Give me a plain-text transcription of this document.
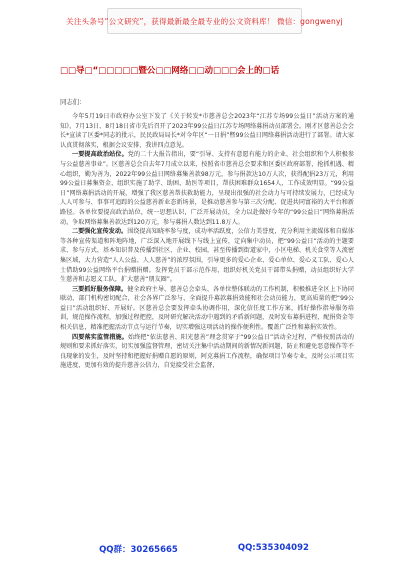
关注头条号“公文研究”，获得最新最全最专业的公文资料库！ 微信：gongwenyj
□□导□“□□□□□暨公□□网络□□动□□□会上的□话
同志们：

今年5月19日市政府办公室下发了《关于转发*市慈善总会2023年“江苏专场99公益日”活动方案的通知》，7月13日、8月18日省市先后召开了2023年99公益日江苏专场网络募捐动员部署会。刚才区慈善总会会长*宣读了区委*同志的批示，民民政局局长*对今年区“一日捐”暨99公益日网络募捐活动进行了部署。请大家认真贯彻落实，根据会议安排，我讲四点意见。

一要提高政治站位。党的二十大报告指出，要“引导、支持有意愿有能力的企业、社会组织和个人积极参与公益慈善事业”。区慈善总会自去年7月成立以来，按照省市慈善总会要求和区委区政府部署，抢抓机遇、精心组织，勤为善为，2022年99公益日网络募集善款98万元，参与捐款达10万人次，获得配捐23万元，利用99公益日募集资金，组织实施了助学、助困、助医等项目，帮扶困难群众1654人，工作成效明显。“99公益日”网络募捐活动的开展，增强了我区慈善帮扶救助能力，呈现出很强的社会动力与可持续发展力，已经成为人人可参与、事事可追踪的公益慈善新业态新场景，是推动慈善参与第三次分配、促进共同富裕的大平台和新路径。各单位要提高政治站位，统一思想认识，广泛开展动员，全力以赴做好今年的“99公益日”网络募捐活动，争取网络募集善款达到120万元，参与募捐人数达到11.8万人。

二要强化宣传发动。围绕提高知晓率参与度，成功率活跃度，公信力美誉度，充分利用主流媒体和自媒体等各种宣传渠道和阵地阵地，广泛深入地开展线下与线上宣传，定向集中动员，把“99公益日”活动的主题要求、参与方式、基本知识普及传播到社区、企业、校园，甚至传播到街道家中，小区电梯、机关食堂等人流密集区域，大力营造“人人公益、人人慈善”的浓厚氛围，引导更多的爱心企业、爱心单位、爱心义工队、爱心人士借助99公益网络平台捐赠捐赠。发挥党员干部示范作用，组织好机关党员干部带头捐赠，动员组织好大学生慈善和志愿义工队，扩大慈善“朋友圈”。

三要抓好服务保障。健全政府主导、慈善总会牵头、各单位整体联动的工作机制，积极推进全区上下协同联动、部门机构密切配合，社会各界广泛参与、全面提升募款募捐效能和社会动员能力，更高质量的把“99公益日”活动组织好、开展好。区慈善总会要发挥牵头协调作用，深化信任度工作方案，抓好操作指导服务培训，规范操作流程，加强过程把控，及时研究解决活动中遇到的矛盾新问题，及时发布募捐进程，配捐资金等相关信息，精准把握活动节点与运行节奏，切实增强这项活动的操作便利性。覆盖广泛性和募捐实效性。

四要落实监管措施。始终把“依法慈善、阳光慈善”理念贯穿于“99公益日”活动全过程，严格按照活动的规则和要求抓好落实，切实加强监督管理，密切关注集中活动期间的新情况新问题，防止和避免恶意操作等不良现象的发生，及时坚持和把握好捐赠自愿的原则，阿克募捐工作流程，确保项目节奏专业，及时公示项目实施进度，更加有效的提升慈善公信力，自觉接受社会监督，

QQ群：30265665	QQ:535304092
